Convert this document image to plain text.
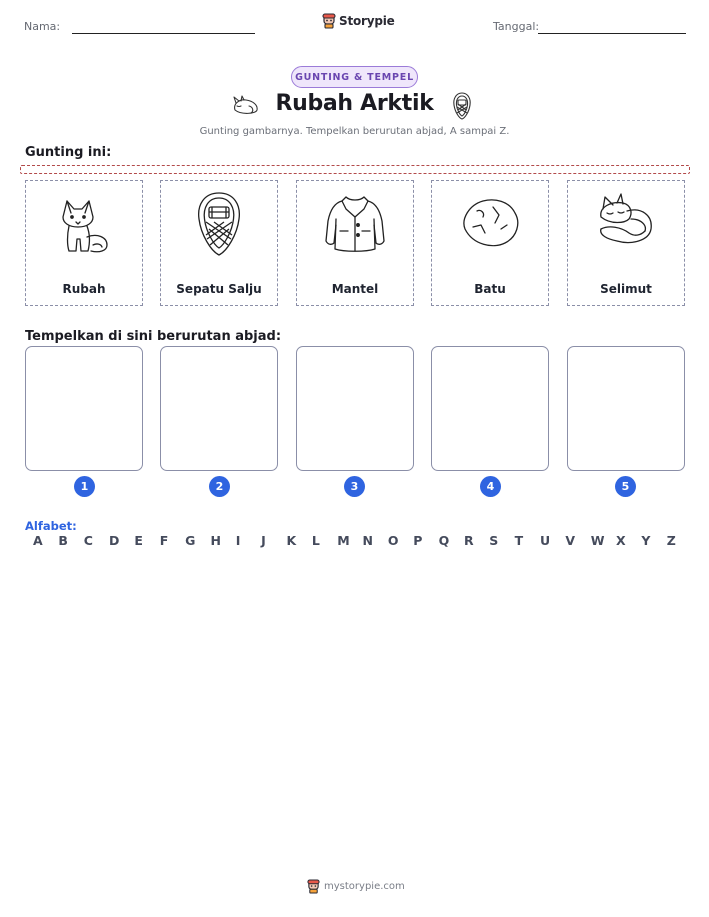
Nama:	Storypie	Tanggal:
GUNTING & TEMPEL
Rubah Arktik
Gunting gambarnya. Tempelkan berurutan abjad, A sampai Z.
Gunting ini:
Rubah	Sepatu Salju	Mantel	Batu	Selimut
Tempelkan di sini berurutan abjad:
1	2	3	4	5
Alfabet:
A B C D E F G H I J K L M N O P Q R S T U V W X Y Z
mystorypie.com
